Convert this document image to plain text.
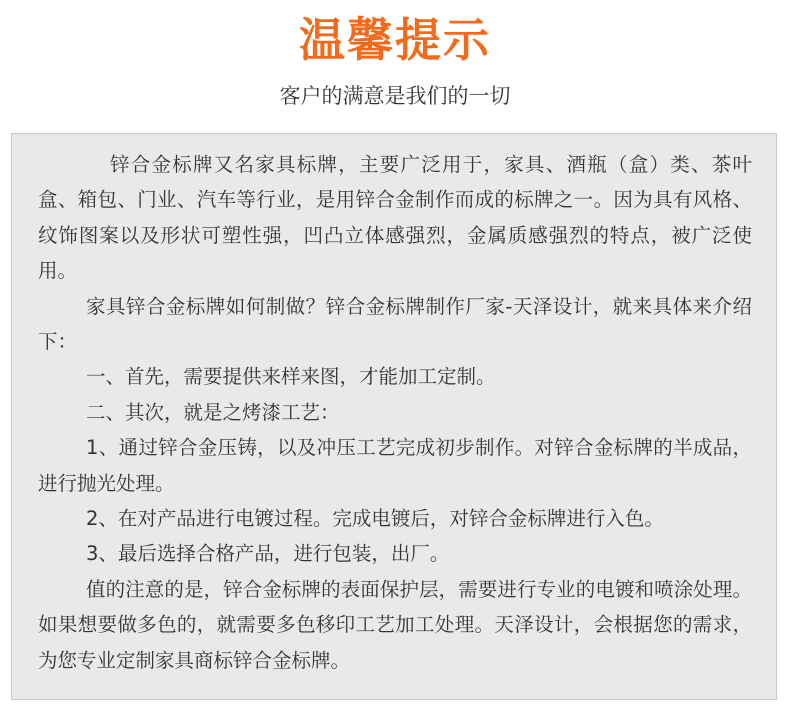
温馨提示
客户的满意是我们的一切

锌合金标牌又名家具标牌，主要广泛用于，家具、酒瓶（盒）类、茶叶盒、箱包、门业、汽车等行业，是用锌合金制作而成的标牌之一。因为具有风格、纹饰图案以及形状可塑性强，凹凸立体感强烈，金属质感强烈的特点，被广泛使用。

家具锌合金标牌如何制做？锌合金标牌制作厂家-天泽设计，就来具体来介绍下：

一、首先，需要提供来样来图，才能加工定制。

二、其次，就是之烤漆工艺：

1、通过锌合金压铸，以及冲压工艺完成初步制作。对锌合金标牌的半成品，进行抛光处理。

2、在对产品进行电镀过程。完成电镀后，对锌合金标牌进行入色。

3、最后选择合格产品，进行包装，出厂。

值的注意的是，锌合金标牌的表面保护层，需要进行专业的电镀和喷涂处理。如果想要做多色的，就需要多色移印工艺加工处理。天泽设计，会根据您的需求，为您专业定制家具商标锌合金标牌。
